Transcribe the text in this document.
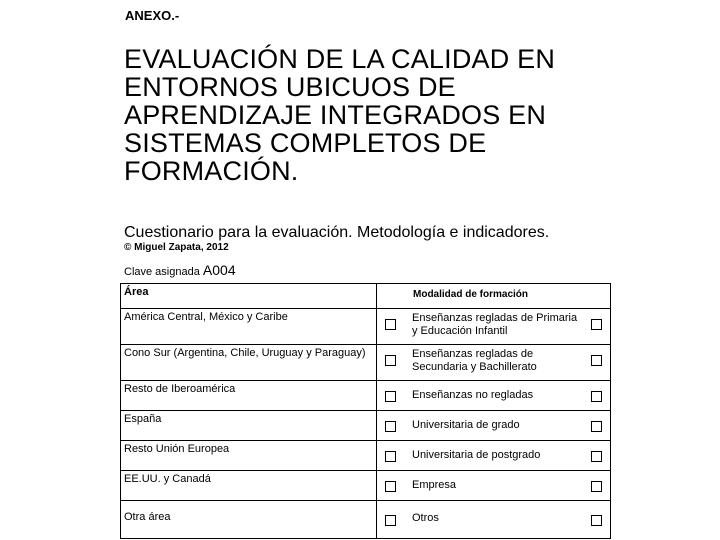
ANEXO.-
EVALUACIÓN DE LA CALIDAD EN
ENTORNOS UBICUOS DE
APRENDIZAJE INTEGRADOS EN
SISTEMAS COMPLETOS DE
FORMACIÓN.
Cuestionario para la evaluación. Metodología e indicadores.
© Miguel Zapata, 2012
Clave asignada A004
Área	Modalidad de formación

América Central, México y Caribe	Enseñanzas regladas de Primaria y Educación Infantil

Cono Sur (Argentina, Chile, Uruguay y Paraguay)	Enseñanzas regladas de Secundaria y Bachillerato

Resto de Iberoamérica	Enseñanzas no regladas

España	Universitaria de grado

Resto Unión Europea	Universitaria de postgrado

EE.UU. y Canadá	Empresa

Otra área	Otros
